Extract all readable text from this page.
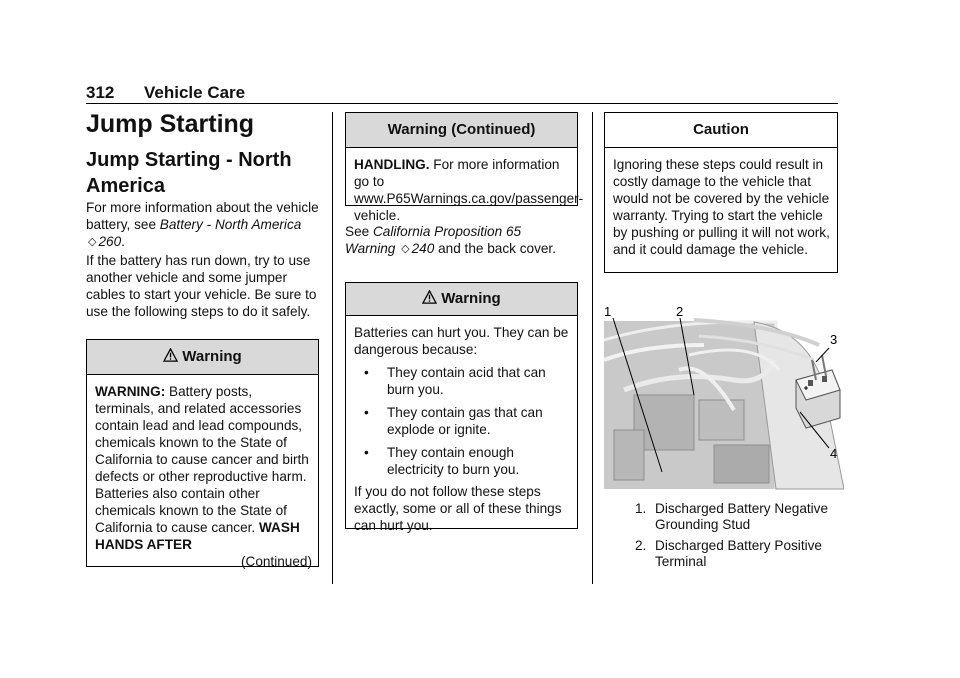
312 Vehicle Care
Jump Starting
Jump Starting - North America

For more information about the vehicle battery, see Battery - North America ◇ 260.

If the battery has run down, try to use another vehicle and some jumper cables to start your vehicle. Be sure to use the following steps to do it safely.

Warning
WARNING: Battery posts, terminals, and related accessories contain lead and lead compounds, chemicals known to the State of California to cause cancer and birth defects or other reproductive harm. Batteries also contain other chemicals known to the State of California to cause cancer. WASH HANDS AFTER
(Continued)
Warning (Continued)
HANDLING. For more information go to www.P65Warnings.ca.gov/passenger-vehicle.

See California Proposition 65 Warning ◇ 240 and the back cover.

Warning
Batteries can hurt you. They can be dangerous because:
• They contain acid that can burn you.
• They contain gas that can explode or ignite.
• They contain enough electricity to burn you.
If you do not follow these steps exactly, some or all of these things can hurt you.
Caution
Ignoring these steps could result in costly damage to the vehicle that would not be covered by the vehicle warranty. Trying to start the vehicle by pushing or pulling it will not work, and it could damage the vehicle.
1	2
3
4
1. Discharged Battery Negative Grounding Stud
2. Discharged Battery Positive Terminal
